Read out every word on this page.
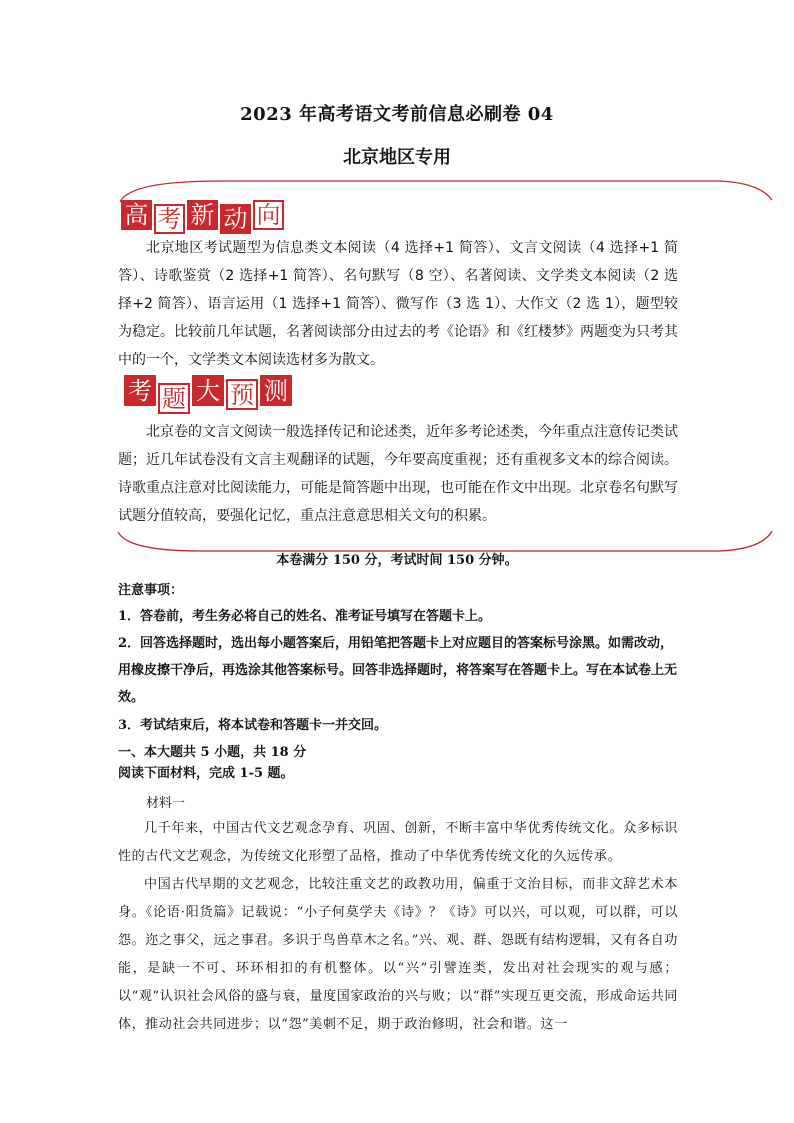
2023 年高考语文考前信息必刷卷 04
北京地区专用
高 考 新 动 向

北京地区考试题型为信息类文本阅读（4 选择+1 简答）、文言文阅读（4 选择+1 简答）、诗歌鉴赏（2 选择+1 简答）、名句默写（8 空）、名著阅读、文学类文本阅读（2 选择+2 简答）、语言运用（1 选择+1 简答）、微写作（3 选 1）、大作文（2 选 1），题型较为稳定。比较前几年试题，名著阅读部分由过去的考《论语》和《红楼梦》两题变为只考其中的一个，文学类文本阅读选材多为散文。

考 题 大 预 测

北京卷的文言文阅读一般选择传记和论述类，近年多考论述类，今年重点注意传记类试题；近几年试卷没有文言主观翻译的试题，今年要高度重视；还有重视多文本的综合阅读。诗歌重点注意对比阅读能力，可能是简答题中出现，也可能在作文中出现。北京卷名句默写试题分值较高，要强化记忆，重点注意意思相关文句的积累。

本卷满分 150 分，考试时间 150 分钟。
注意事项：

1．答卷前，考生务必将自己的姓名、准考证号填写在答题卡上。

2．回答选择题时，选出每小题答案后，用铅笔把答题卡上对应题目的答案标号涂黑。如需改动，用橡皮擦干净后，再选涂其他答案标号。回答非选择题时，将答案写在答题卡上。写在本试卷上无效。

3．考试结束后，将本试卷和答题卡一并交回。

一、本大题共 5 小题，共 18 分
阅读下面材料，完成 1-5 题。
材料一

几千年来，中国古代文艺观念孕育、巩固、创新，不断丰富中华优秀传统文化。众多标识性的古代文艺观念，为传统文化形塑了品格，推动了中华优秀传统文化的久远传承。

中国古代早期的文艺观念，比较注重文艺的政教功用，偏重于文治目标，而非文辞艺术本身。《论语·阳货篇》记载说：“小子何莫学夫《诗》？《诗》可以兴，可以观，可以群，可以怨。迩之事父，远之事君。多识于鸟兽草木之名。”兴、观、群、怨既有结构逻辑，又有各自功能，是缺一不可、环环相扣的有机整体。以“兴”引譬连类，发出对社会现实的观与感；以“观”认识社会风俗的盛与衰，量度国家政治的兴与败；以“群”实现互更交流，形成命运共同体，推动社会共同进步；以“怨”美刺不足，期于政治修明，社会和谐。这一
